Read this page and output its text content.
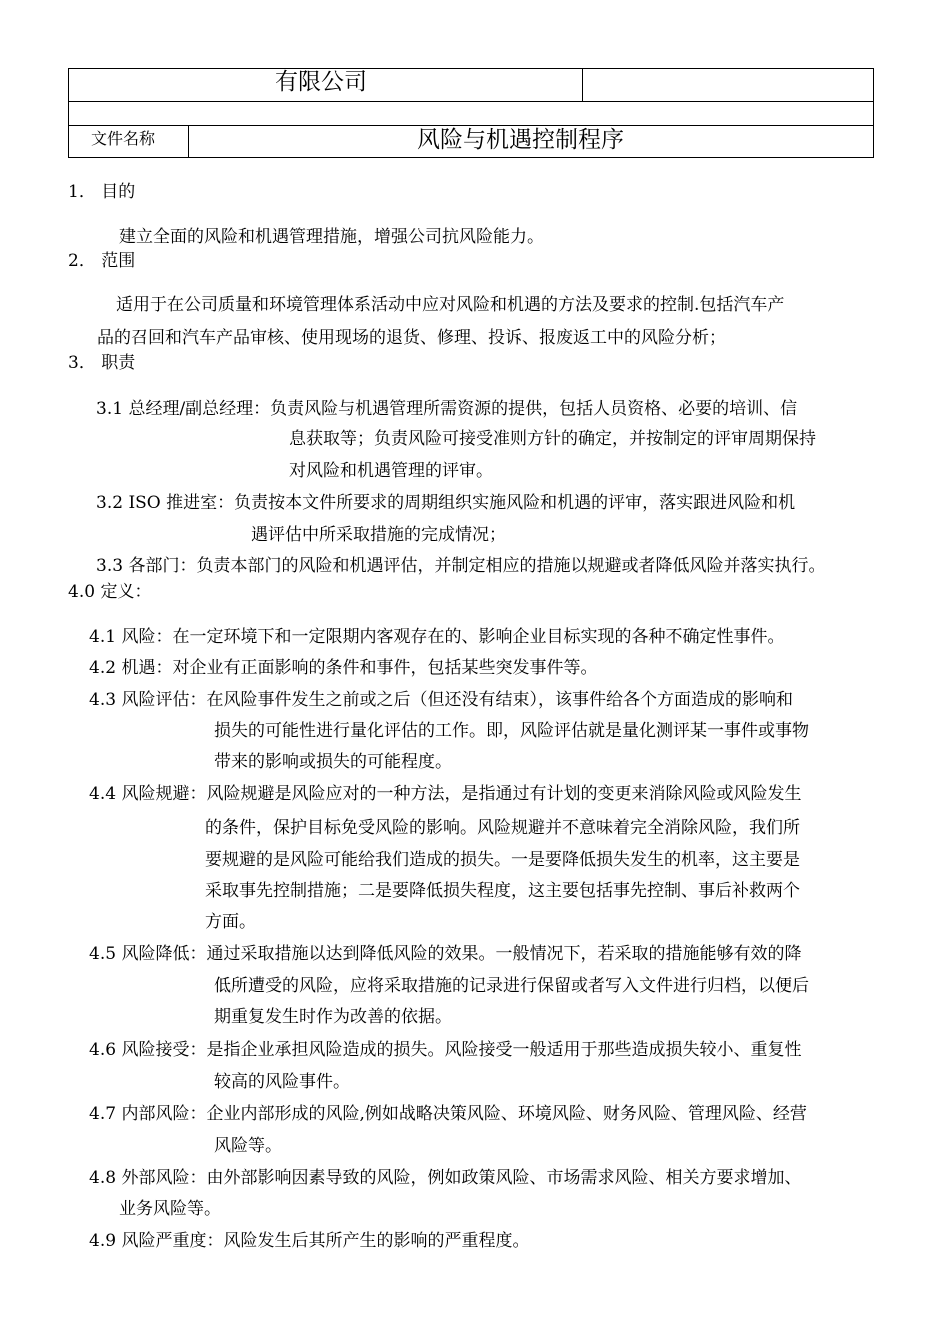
有限公司
文件名称	风险与机遇控制程序
1． 目的
建立全面的风险和机遇管理措施，增强公司抗风险能力。
2． 范围
适用于在公司质量和环境管理体系活动中应对风险和机遇的方法及要求的控制.包括汽车产
品的召回和汽车产品审核、使用现场的退货、修理、投诉、报废返工中的风险分析；
3． 职责
3.1 总经理/副总经理：负责风险与机遇管理所需资源的提供，包括人员资格、必要的培训、信
息获取等；负责风险可接受准则方针的确定，并按制定的评审周期保持
对风险和机遇管理的评审。
3.2 ISO 推进室：负责按本文件所要求的周期组织实施风险和机遇的评审，落实跟进风险和机
遇评估中所采取措施的完成情况；
3.3 各部门：负责本部门的风险和机遇评估，并制定相应的措施以规避或者降低风险并落实执行。
4.0 定义：
4.1 风险：在一定环境下和一定限期内客观存在的、影响企业目标实现的各种不确定性事件。
4.2 机遇：对企业有正面影响的条件和事件，包括某些突发事件等。
4.3 风险评估：在风险事件发生之前或之后（但还没有结束），该事件给各个方面造成的影响和
损失的可能性进行量化评估的工作。即，风险评估就是量化测评某一事件或事物
带来的影响或损失的可能程度。
4.4 风险规避：风险规避是风险应对的一种方法，是指通过有计划的变更来消除风险或风险发生
的条件，保护目标免受风险的影响。风险规避并不意味着完全消除风险，我们所
要规避的是风险可能给我们造成的损失。一是要降低损失发生的机率，这主要是
采取事先控制措施；二是要降低损失程度，这主要包括事先控制、事后补救两个
方面。
4.5 风险降低：通过采取措施以达到降低风险的效果。一般情况下，若采取的措施能够有效的降
低所遭受的风险，应将采取措施的记录进行保留或者写入文件进行归档，以便后
期重复发生时作为改善的依据。
4.6 风险接受：是指企业承担风险造成的损失。风险接受一般适用于那些造成损失较小、重复性
较高的风险事件。
4.7 内部风险：企业内部形成的风险,例如战略决策风险、环境风险、财务风险、管理风险、经营
风险等。
4.8 外部风险：由外部影响因素导致的风险，例如政策风险、市场需求风险、相关方要求增加、
业务风险等。
4.9 风险严重度：风险发生后其所产生的影响的严重程度。
